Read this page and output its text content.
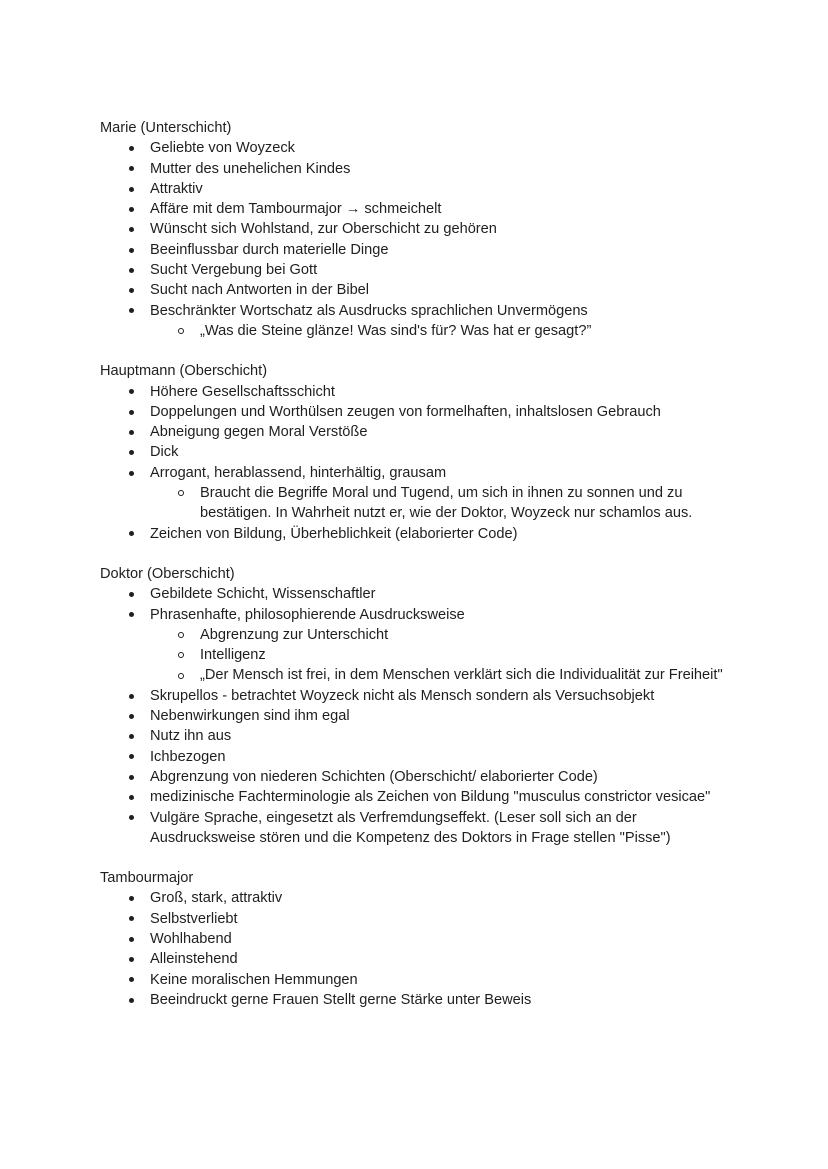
Marie (Unterschicht)
Geliebte von Woyzeck
Mutter des unehelichen Kindes
Attraktiv
Affäre mit dem Tambourmajor → schmeichelt
Wünscht sich Wohlstand, zur Oberschicht zu gehören
Beeinflussbar durch materielle Dinge
Sucht Vergebung bei Gott
Sucht nach Antworten in der Bibel
Beschränkter Wortschatz als Ausdrucks sprachlichen Unvermögens
„Was die Steine glänze! Was sind's für? Was hat er gesagt?”
Hauptmann (Oberschicht)
Höhere Gesellschaftsschicht
Doppelungen und Worthülsen zeugen von formelhaften, inhaltslosen Gebrauch
Abneigung gegen Moral Verstöße
Dick
Arrogant, herablassend, hinterhältig, grausam
Braucht die Begriffe Moral und Tugend, um sich in ihnen zu sonnen und zu bestätigen. In Wahrheit nutzt er, wie der Doktor, Woyzeck nur schamlos aus.
Zeichen von Bildung, Überheblichkeit (elaborierter Code)
Doktor (Oberschicht)
Gebildete Schicht, Wissenschaftler
Phrasenhafte, philosophierende Ausdrucksweise
Abgrenzung zur Unterschicht
Intelligenz
„Der Mensch ist frei, in dem Menschen verklärt sich die Individualität zur Freiheit"
Skrupellos - betrachtet Woyzeck nicht als Mensch sondern als Versuchsobjekt
Nebenwirkungen sind ihm egal
Nutz ihn aus
Ichbezogen
Abgrenzung von niederen Schichten (Oberschicht/ elaborierter Code)
medizinische Fachterminologie als Zeichen von Bildung "musculus constrictor vesicae"
Vulgäre Sprache, eingesetzt als Verfremdungseffekt. (Leser soll sich an der Ausdrucksweise stören und die Kompetenz des Doktors in Frage stellen "Pisse")
Tambourmajor
Groß, stark, attraktiv
Selbstverliebt
Wohlhabend
Alleinstehend
Keine moralischen Hemmungen
Beeindruckt gerne Frauen Stellt gerne Stärke unter Beweis
